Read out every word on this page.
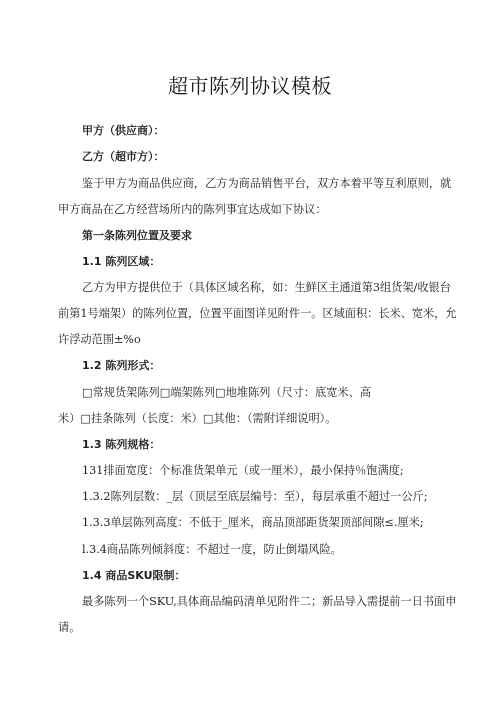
超市陈列协议模板
甲方（供应商）：
乙方（超市方）：
鉴于甲方为商品供应商，乙方为商品销售平台，双方本着平等互利原则，就
甲方商品在乙方经营场所内的陈列事宜达成如下协议：
第一条陈列位置及要求
1.1 陈列区域：
乙方为甲方提供位于（具体区域名称，如：生鲜区主通道第3组货架/收银台
前第1号端架）的陈列位置，位置平面图详见附件一。区域面积：长米、宽米，允
许浮动范围±%o
1.2 陈列形式：
□常规货架陈列□端架陈列□地堆陈列（尺寸：底宽米、高
米）□挂条陈列（长度：米）□其他：（需附详细说明）。
1.3 陈列规格：
131排面宽度：个标准货架单元（或一厘米），最小保持％饱满度;
1.3.2陈列层数：_层（顶层至底层编号：至），每层承重不超过一公斤;
1.3.3单层陈列高度：不低于_厘米，商品顶部距货架顶部间隙≤.厘米;
l.3.4商品陈列倾斜度：不超过一度，防止倒塌风险。
1.4 商品SKU限制：
最多陈列一个SKU,具体商品编码清单见附件二；新品导入需提前一日书面申
请。
